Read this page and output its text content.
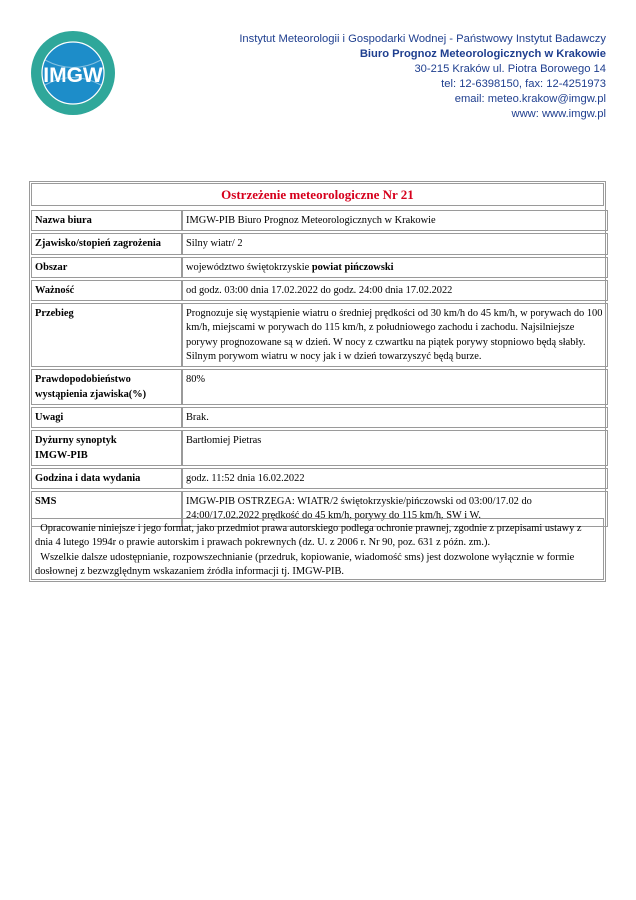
IMGW
Instytut Meteorologii i Gospodarki Wodnej - Państwowy Instytut Badawczy
Biuro Prognoz Meteorologicznych w Krakowie
30-215 Kraków ul. Piotra Borowego 14
tel: 12-6398150, fax: 12-4251973
email: meteo.krakow@imgw.pl
www: www.imgw.pl
Ostrzeżenie meteorologiczne Nr 21
Nazwa biura	IMGW-PIB Biuro Prognoz Meteorologicznych w Krakowie
Zjawisko/stopień zagrożenia	Silny wiatr/ 2
Obszar	województwo świętokrzyskie powiat pińczowski
Ważność	od godz. 03:00 dnia 17.02.2022 do godz. 24:00 dnia 17.02.2022
Przebieg	Prognozuje się wystąpienie wiatru o średniej prędkości od 30 km/h do 45 km/h, w porywach do 100 km/h, miejscami w porywach do 115 km/h, z południowego zachodu i zachodu. Najsilniejsze porywy prognozowane są w dzień. W nocy z czwartku na piątek porywy stopniowo będą słabły. Silnym porywom wiatru w nocy jak i w dzień towarzyszyć będą burze.
Prawdopodobieństwo wystąpienia zjawiska(%)	80%
Uwagi	Brak.

Dyżurny synoptyk
IMGW-PIB	Bartłomiej Pietras
Godzina i data wydania	godz. 11:52 dnia 16.02.2022
SMS	IMGW-PIB OSTRZEGA: WIATR/2 świętokrzyskie/pińczowski od 03:00/17.02 do 24:00/17.02.2022 prędkość do 45 km/h, porywy do 115 km/h, SW i W.
Opracowanie niniejsze i jego format, jako przedmiot prawa autorskiego podlega ochronie prawnej, zgodnie z przepisami ustawy z dnia 4 lutego 1994r o prawie autorskim i prawach pokrewnych (dz. U. z 2006 r. Nr 90, poz. 631 z późn. zm.).
Wszelkie dalsze udostępnianie, rozpowszechnianie (przedruk, kopiowanie, wiadomość sms) jest dozwolone wyłącznie w formie dosłownej z bezwzględnym wskazaniem źródła informacji tj. IMGW-PIB.
